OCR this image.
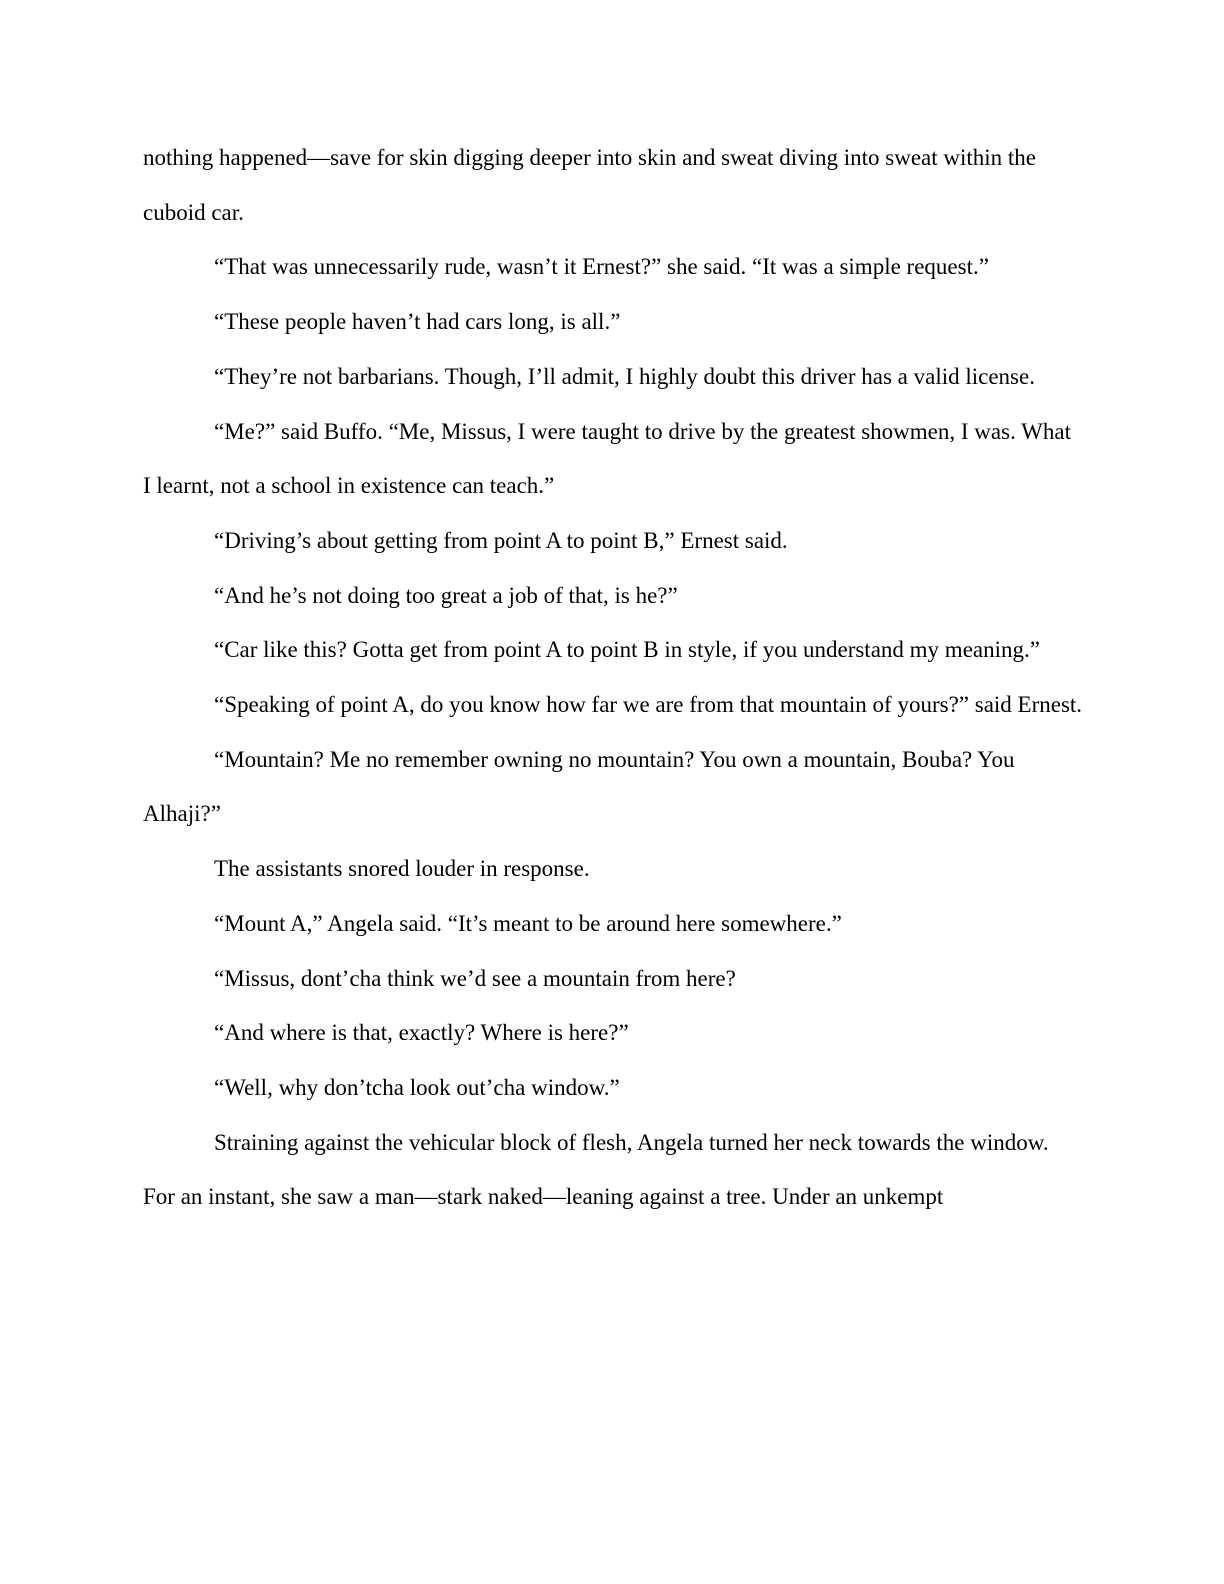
nothing happened—save for skin digging deeper into skin and sweat diving into sweat within the cuboid car.

“That was unnecessarily rude, wasn’t it Ernest?” she said. “It was a simple request.”

“These people haven’t had cars long, is all.”

“They’re not barbarians. Though, I’ll admit, I highly doubt this driver has a valid license.

“Me?” said Buffo. “Me, Missus, I were taught to drive by the greatest showmen, I was. What I learnt, not a school in existence can teach.”

“Driving’s about getting from point A to point B,” Ernest said.

“And he’s not doing too great a job of that, is he?”

“Car like this? Gotta get from point A to point B in style, if you understand my meaning.”

“Speaking of point A, do you know how far we are from that mountain of yours?” said Ernest.

“Mountain? Me no remember owning no mountain? You own a mountain, Bouba? You Alhaji?”

The assistants snored louder in response.

“Mount A,” Angela said. “It’s meant to be around here somewhere.”

“Missus, dont’cha think we’d see a mountain from here?

“And where is that, exactly? Where is here?”

“Well, why don’tcha look out’cha window.”

Straining against the vehicular block of flesh, Angela turned her neck towards the window. For an instant, she saw a man—stark naked—leaning against a tree. Under an unkempt
